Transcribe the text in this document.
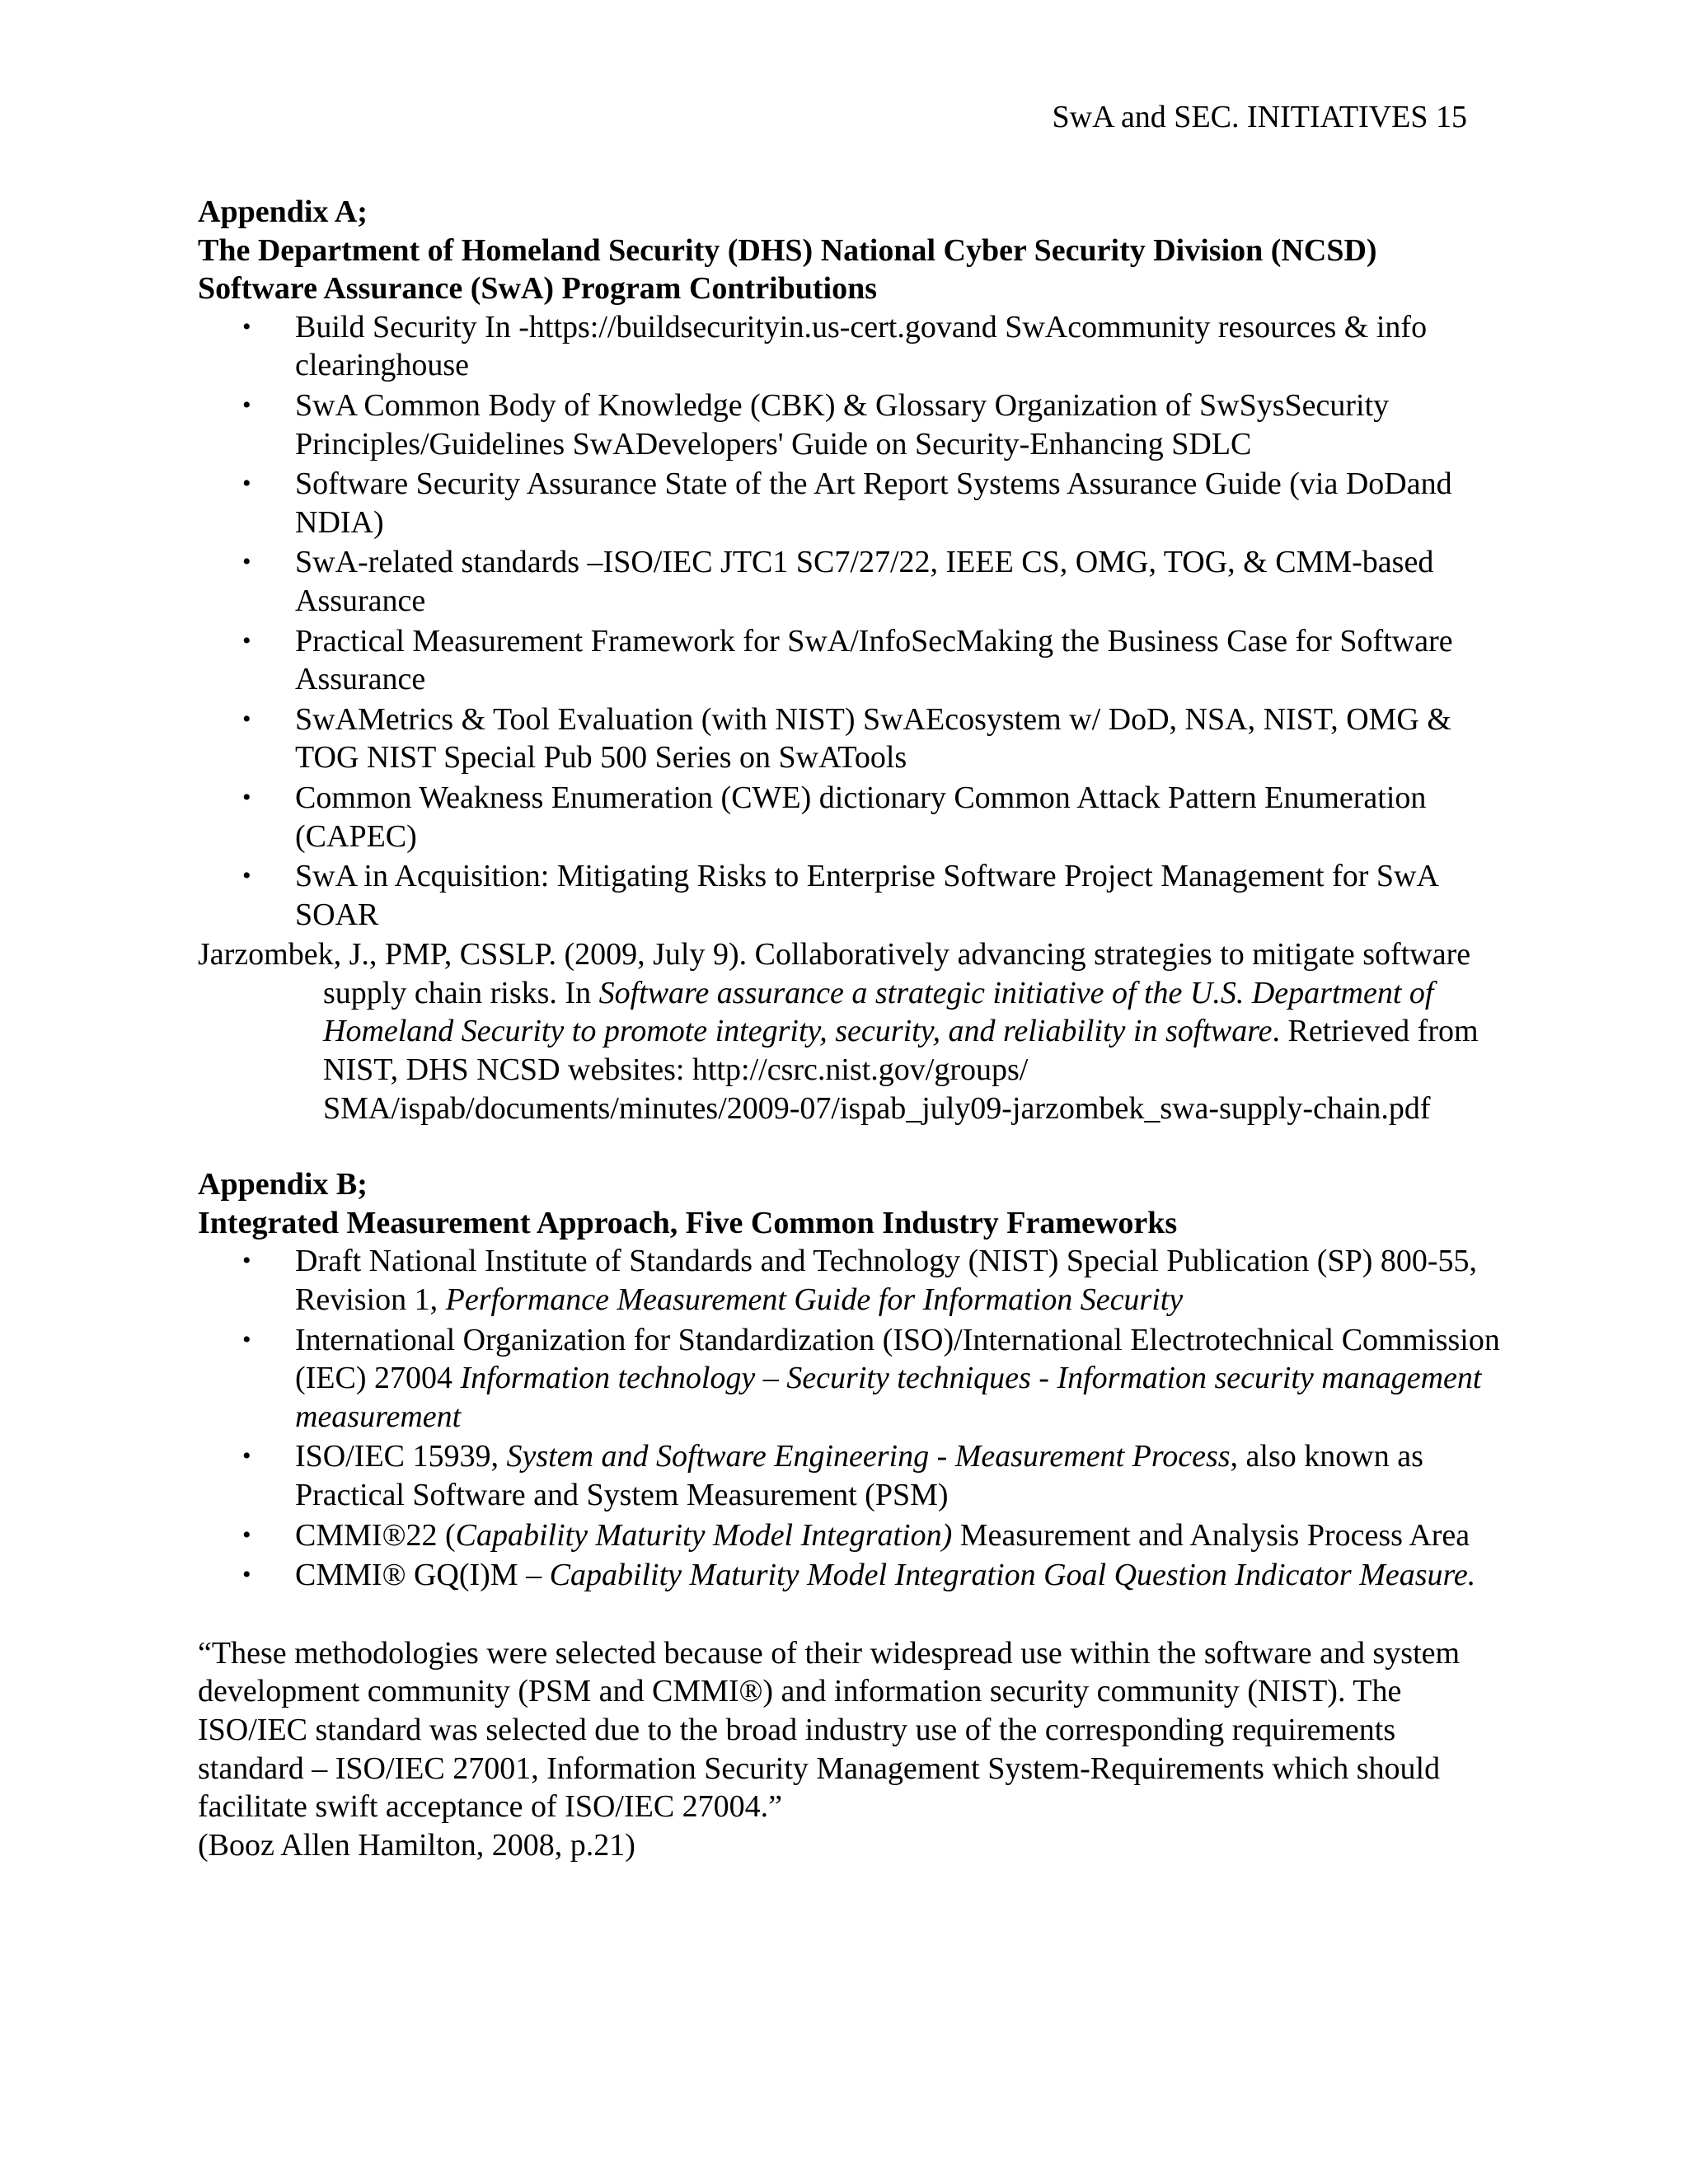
SwA and SEC. INITIATIVES 15

Appendix A;

The Department of Homeland Security (DHS) National Cyber Security Division (NCSD)

Software Assurance (SwA) Program Contributions

• Build Security In -https://buildsecurityin.us-cert.govand SwAcommunity resources & info clearinghouse
• SwA Common Body of Knowledge (CBK) & Glossary Organization of SwSysSecurity Principles/Guidelines SwADevelopers' Guide on Security-Enhancing SDLC
• Software Security Assurance State of the Art Report Systems Assurance Guide (via DoDand NDIA)
• SwA-related standards –ISO/IEC JTC1 SC7/27/22, IEEE CS, OMG, TOG, & CMM-based Assurance
• Practical Measurement Framework for SwA/InfoSecMaking the Business Case for Software Assurance
• SwAMetrics & Tool Evaluation (with NIST) SwAEcosystem w/ DoD, NSA, NIST, OMG & TOG NIST Special Pub 500 Series on SwATools
• Common Weakness Enumeration (CWE) dictionary Common Attack Pattern Enumeration (CAPEC)
• SwA in Acquisition: Mitigating Risks to Enterprise Software Project Management for SwA SOAR

Jarzombek, J., PMP, CSSLP. (2009, July 9). Collaboratively advancing strategies to mitigate software supply chain risks. In Software assurance a strategic initiative of the U.S. Department of Homeland Security to promote integrity, security, and reliability in software. Retrieved from NIST, DHS NCSD websites: http://csrc.nist.gov/groups/ SMA/ispab/documents/minutes/2009-07/ispab_july09-jarzombek_swa-supply-chain.pdf

Appendix B;

Integrated Measurement Approach, Five Common Industry Frameworks

• Draft National Institute of Standards and Technology (NIST) Special Publication (SP) 800-55, Revision 1, Performance Measurement Guide for Information Security
• International Organization for Standardization (ISO)/International Electrotechnical Commission (IEC) 27004 Information technology – Security techniques - Information security management measurement
• ISO/IEC 15939, System and Software Engineering - Measurement Process, also known as Practical Software and System Measurement (PSM)
• CMMI®22 (Capability Maturity Model Integration) Measurement and Analysis Process Area
• CMMI® GQ(I)M – Capability Maturity Model Integration Goal Question Indicator Measure.

“These methodologies were selected because of their widespread use within the software and system development community (PSM and CMMI®) and information security community (NIST). The ISO/IEC standard was selected due to the broad industry use of the corresponding requirements standard – ISO/IEC 27001, Information Security Management System-Requirements which should facilitate swift acceptance of ISO/IEC 27004.”

(Booz Allen Hamilton, 2008, p.21)
